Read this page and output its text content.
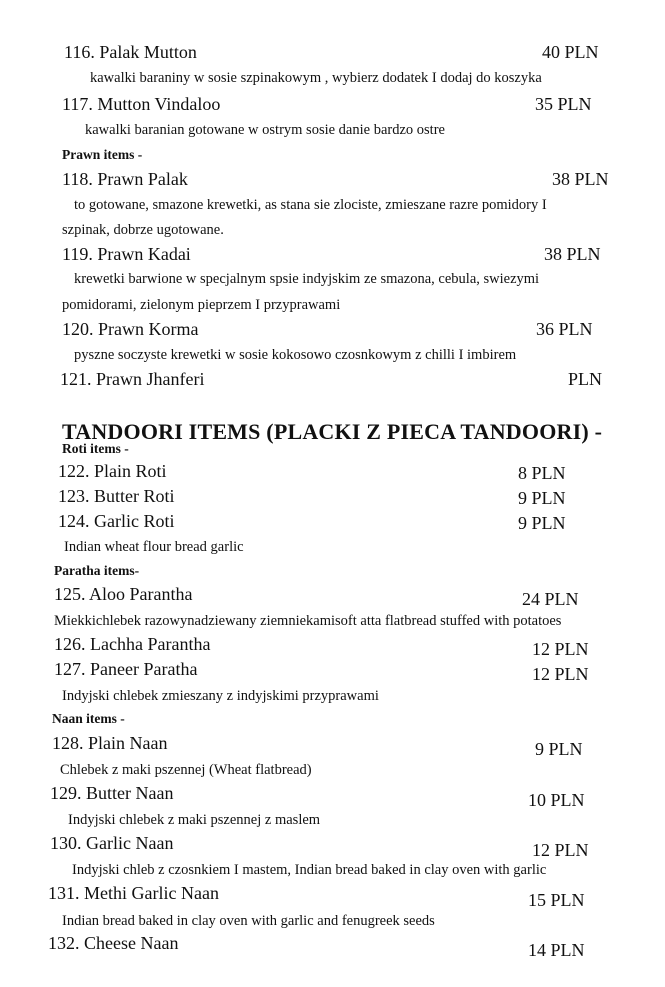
116. Palak Mutton	40 PLN
kawalki baraniny w sosie szpinakowym , wybierz dodatek I dodaj do koszyka
117. Mutton Vindaloo	35 PLN
kawalki baranian gotowane w ostrym sosie danie bardzo ostre
Prawn items -
118. Prawn Palak	38 PLN
to gotowane, smazone krewetki, as stana sie zlociste, zmieszane razre pomidory I
szpinak, dobrze ugotowane.
119. Prawn Kadai	38 PLN
krewetki barwione w specjalnym spsie indyjskim ze smazona, cebula, swiezymi
pomidorami, zielonym pieprzem I przyprawami
120. Prawn Korma	36 PLN
pyszne soczyste krewetki w sosie kokosowo czosnkowym z chilli I imbirem
121. Prawn Jhanferi	PLN
TANDOORI ITEMS (PLACKI Z PIECA TANDOORI) -
Roti items -
122. Plain Roti	8 PLN
123. Butter Roti	9 PLN
124. Garlic Roti	9 PLN
Indian wheat flour bread garlic
Paratha items-
125. Aloo Parantha	24 PLN
Miekkichlebek razowynadziewany ziemniekamisoft atta flatbread stuffed with potatoes
126. Lachha Parantha	12 PLN
127. Paneer Paratha	12 PLN
Indyjski chlebek zmieszany z indyjskimi przyprawami
Naan items -
128. Plain Naan	9 PLN
Chlebek z maki pszennej (Wheat flatbread)
129. Butter Naan	10 PLN
Indyjski chlebek z maki pszennej z maslem
130. Garlic Naan	12 PLN
Indyjski chleb z czosnkiem I mastem, Indian bread baked in clay oven with garlic
131. Methi Garlic Naan	15 PLN
Indian bread baked in clay oven with garlic and fenugreek seeds
132. Cheese Naan	14 PLN
